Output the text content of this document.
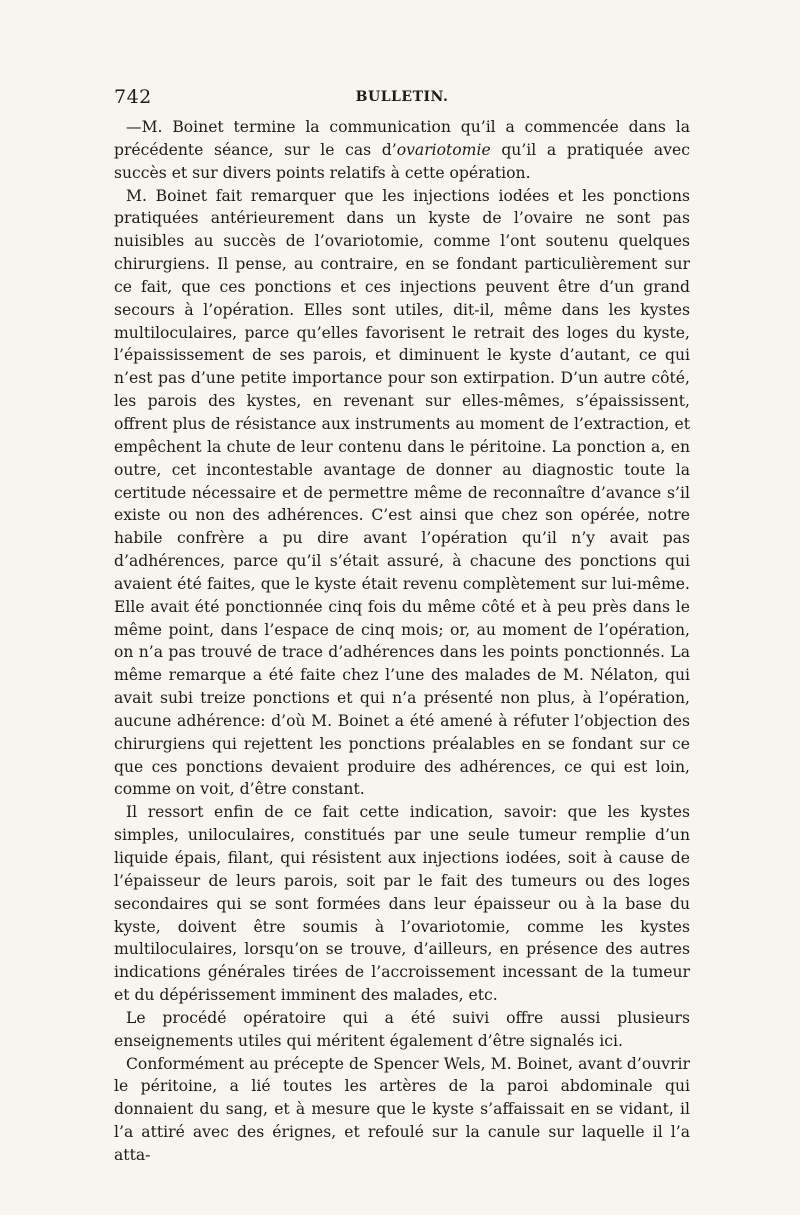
742	BULLETIN.

—M. Boinet termine la communication qu’il a commencée dans la précédente séance, sur le cas d’ovariotomie qu’il a pratiquée avec succès et sur divers points relatifs à cette opération.

M. Boinet fait remarquer que les injections iodées et les ponctions pratiquées antérieurement dans un kyste de l’ovaire ne sont pas nuisibles au succès de l’ovariotomie, comme l’ont soutenu quelques chirurgiens. Il pense, au contraire, en se fondant particulièrement sur ce fait, que ces ponctions et ces injections peuvent être d’un grand secours à l’opération. Elles sont utiles, dit-il, même dans les kystes multiloculaires, parce qu’elles favorisent le retrait des loges du kyste, l’épaississement de ses parois, et diminuent le kyste d’autant, ce qui n’est pas d’une petite importance pour son extirpation. D’un autre côté, les parois des kystes, en revenant sur elles-mêmes, s’épaississent, offrent plus de résistance aux instruments au moment de l’extraction, et empêchent la chute de leur contenu dans le péritoine. La ponction a, en outre, cet incontestable avantage de donner au diagnostic toute la certitude nécessaire et de permettre même de reconnaître d’avance s’il existe ou non des adhérences. C’est ainsi que chez son opérée, notre habile confrère a pu dire avant l’opération qu’il n’y avait pas d’adhérences, parce qu’il s’était assuré, à chacune des ponctions qui avaient été faites, que le kyste était revenu complètement sur lui-même. Elle avait été ponctionnée cinq fois du même côté et à peu près dans le même point, dans l’espace de cinq mois; or, au moment de l’opération, on n’a pas trouvé de trace d’adhérences dans les points ponctionnés. La même remarque a été faite chez l’une des malades de M. Nélaton, qui avait subi treize ponctions et qui n’a présenté non plus, à l’opération, aucune adhérence: d’où M. Boinet a été amené à réfuter l’objection des chirurgiens qui rejettent les ponctions préalables en se fondant sur ce que ces ponctions devaient produire des adhérences, ce qui est loin, comme on voit, d’être constant.

Il ressort enfin de ce fait cette indication, savoir: que les kystes simples, uniloculaires, constitués par une seule tumeur remplie d’un liquide épais, filant, qui résistent aux injections iodées, soit à cause de l’épaisseur de leurs parois, soit par le fait des tumeurs ou des loges secondaires qui se sont formées dans leur épaisseur ou à la base du kyste, doivent être soumis à l’ovariotomie, comme les kystes multiloculaires, lorsqu’on se trouve, d’ailleurs, en présence des autres indications générales tirées de l’accroissement incessant de la tumeur et du dépérissement imminent des malades, etc.

Le procédé opératoire qui a été suivi offre aussi plusieurs enseignements utiles qui méritent également d’être signalés ici.

Conformément au précepte de Spencer Wels, M. Boinet, avant d’ouvrir le péritoine, a lié toutes les artères de la paroi abdominale qui donnaient du sang, et à mesure que le kyste s’affaissait en se vidant, il l’a attiré avec des érignes, et refoulé sur la canule sur laquelle il l’a atta-
